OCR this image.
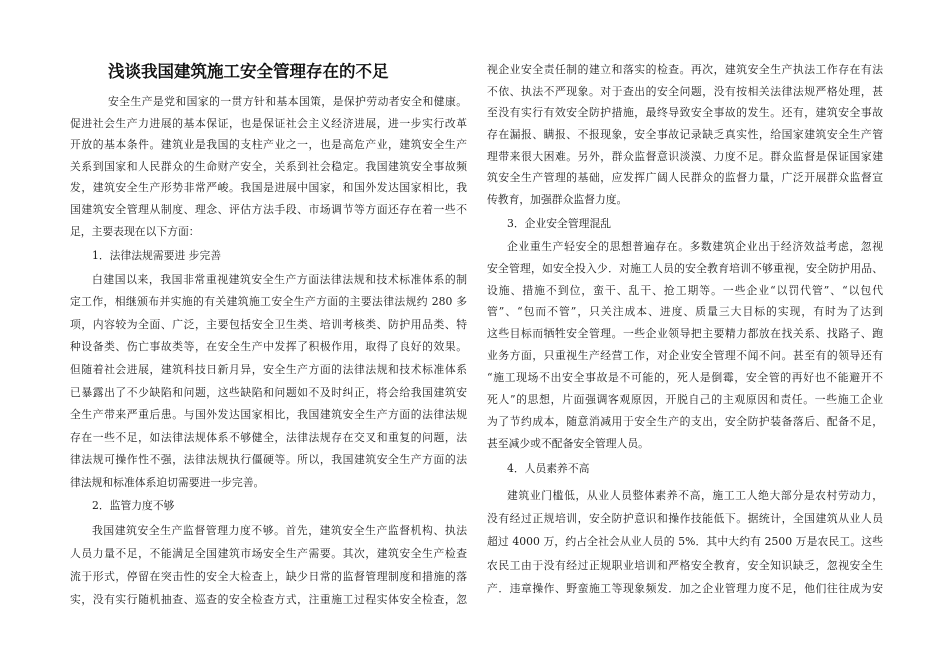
浅谈我国建筑施工安全管理存在的不足
安全生产是党和国家的一贯方针和基本国策，是保护劳动者安全和健康。
促进社会生产力进展的基本保证，也是保证社会主义经济进展，进一步实行改革
开放的基本条件。建筑业是我国的支柱产业之一，也是高危产业，建筑安全生产
关系到国家和人民群众的生命财产安全，关系到社会稳定。我国建筑安全事故频
发，建筑安全生产形势非常严峻。我国是进展中国家，和国外发达国家相比，我
国建筑安全管理从制度、理念、评估方法手段、市场调节等方面还存在着一些不
足，主要表现在以下方面：
1．法律法规需要进 步完善
白建国以来，我国非常重视建筑安全生产方面法律法规和技术标准体系的制
定工作，相继颁布并实施的有关建筑施工安全生产方面的主要法律法规约 280 多
项，内容较为全面、广泛，主要包括安全卫生类、培训考核类、防护用品类、特
种设备类、伤亡事故类等，在安全生产中发挥了积极作用，取得了良好的效果。
但随着社会进展，建筑科技日新月异，安全生产方面的法律法规和技术标准体系
已暴露出了不少缺陷和问题，这些缺陷和问题如不及时纠正，将会给我国建筑安
全生产带来严重后患。与国外发达国家相比，我国建筑安全生产方面的法律法规
存在一些不足，如法律法规体系不够健全，法律法规存在交叉和重复的问题，法
律法规可操作性不强，法律法规执行僵硬等。所以，我国建筑安全生产方面的法
律法规和标准体系迫切需要进一步完善。
2．监管力度不够
我国建筑安全生产监督管理力度不够。首先，建筑安全生产监督机构、执法
人员力量不足，不能满足全国建筑市场安全生产需要。其次，建筑安全生产检查
流于形式，停留在突击性的安全大检查上，缺少日常的监督管理制度和措施的落
实，没有实行随机抽查、巡查的安全检查方式，注重施工过程实体安全检查，忽
视企业安全责任制的建立和落实的检查。再次，建筑安全生产执法工作存在有法
不依、执法不严现象。对于查出的安全问题，没有按相关法律法规严格处理，甚
至没有实行有效安全防护措施，最终导致安全事故的发生。还有，建筑安全事故
存在漏报、瞒报、不报现象，安全事故记录缺乏真实性，给国家建筑安全生产管
理带来很大困难。另外，群众监督意识淡漠、力度不足。群众监督是保证国家建
筑安全生产管理的基础，应发挥广阔人民群众的监督力量，广泛开展群众监督宣
传教育，加强群众监督力度。
3．企业安全管理混乱
企业重生产轻安全的思想普遍存在。多数建筑企业出于经济效益考虑，忽视
安全管理，如安全投入少．对施工人员的安全教育培训不够重视，安全防护用品、
设施、措施不到位，蛮干、乱干、抢工期等。一些企业“以罚代管”、“以包代
管”、“包而不管”，只关注成本、进度、质量三大目标的实现，有时为了达到
这些目标而牺牲安全管理。一些企业领导把主要精力都放在找关系、找路子、跑
业务方面，只重视生产经营工作，对企业安全管理不闻不问。甚至有的领导还有
“施工现场不出安全事故是不可能的，死人是倒霉，安全管的再好也不能避开不
死人”的思想，片面强调客观原因，开脱自己的主观原因和责任。一些施工企业
为了节约成本，随意消减用于安全生产的支出，安全防护装备落后、配备不足，
甚至减少或不配备安全管理人员。
4．人员素养不高
建筑业门槛低，从业人员整体素养不高，施工工人绝大部分是农村劳动力，
没有经过正规培训，安全防护意识和操作技能低下。据统计，全国建筑从业人员
超过 4000 万，约占全社会从业人员的 5%．其中大约有 2500 万是农民工。这些
农民工由于没有经过正规职业培训和严格安全教育，安全知识缺乏，忽视安全生
产．违章操作、野蛮施工等现象频发．加之企业管理力度不足，他们往往成为安
